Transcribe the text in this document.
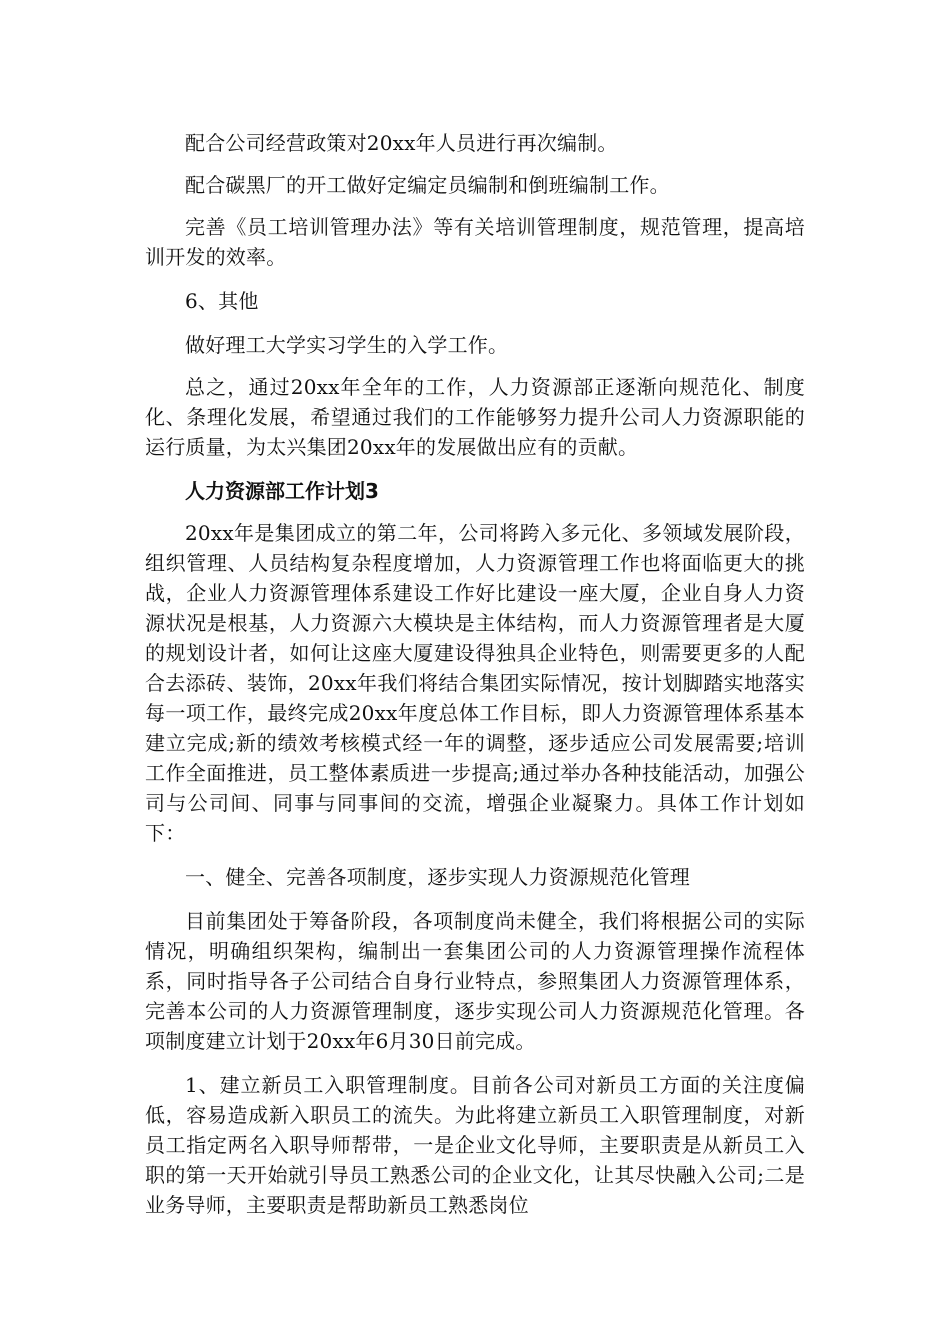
配合公司经营政策对20xx年人员进行再次编制。

配合碳黑厂的开工做好定编定员编制和倒班编制工作。

完善《员工培训管理办法》等有关培训管理制度，规范管理，提高培训开发的效率。

6、其他

做好理工大学实习学生的入学工作。

总之，通过20xx年全年的工作，人力资源部正逐渐向规范化、制度化、条理化发展，希望通过我们的工作能够努力提升公司人力资源职能的运行质量，为太兴集团20xx年的发展做出应有的贡献。

人力资源部工作计划3

20xx年是集团成立的第二年，公司将跨入多元化、多领域发展阶段，组织管理、人员结构复杂程度增加，人力资源管理工作也将面临更大的挑战，企业人力资源管理体系建设工作好比建设一座大厦，企业自身人力资源状况是根基，人力资源六大模块是主体结构，而人力资源管理者是大厦的规划设计者，如何让这座大厦建设得独具企业特色，则需要更多的人配合去添砖、装饰，20xx年我们将结合集团实际情况，按计划脚踏实地落实每一项工作，最终完成20xx年度总体工作目标，即人力资源管理体系基本建立完成;新的绩效考核模式经一年的调整，逐步适应公司发展需要;培训工作全面推进，员工整体素质进一步提高;通过举办各种技能活动，加强公司与公司间、同事与同事间的交流，增强企业凝聚力。具体工作计划如下：

一、健全、完善各项制度，逐步实现人力资源规范化管理

目前集团处于筹备阶段，各项制度尚未健全，我们将根据公司的实际情况，明确组织架构，编制出一套集团公司的人力资源管理操作流程体系，同时指导各子公司结合自身行业特点，参照集团人力资源管理体系，完善本公司的人力资源管理制度，逐步实现公司人力资源规范化管理。各项制度建立计划于20xx年6月30日前完成。

1、建立新员工入职管理制度。目前各公司对新员工方面的关注度偏低，容易造成新入职员工的流失。为此将建立新员工入职管理制度，对新员工指定两名入职导师帮带，一是企业文化导师，主要职责是从新员工入职的第一天开始就引导员工熟悉公司的企业文化，让其尽快融入公司;二是业务导师，主要职责是帮助新员工熟悉岗位
